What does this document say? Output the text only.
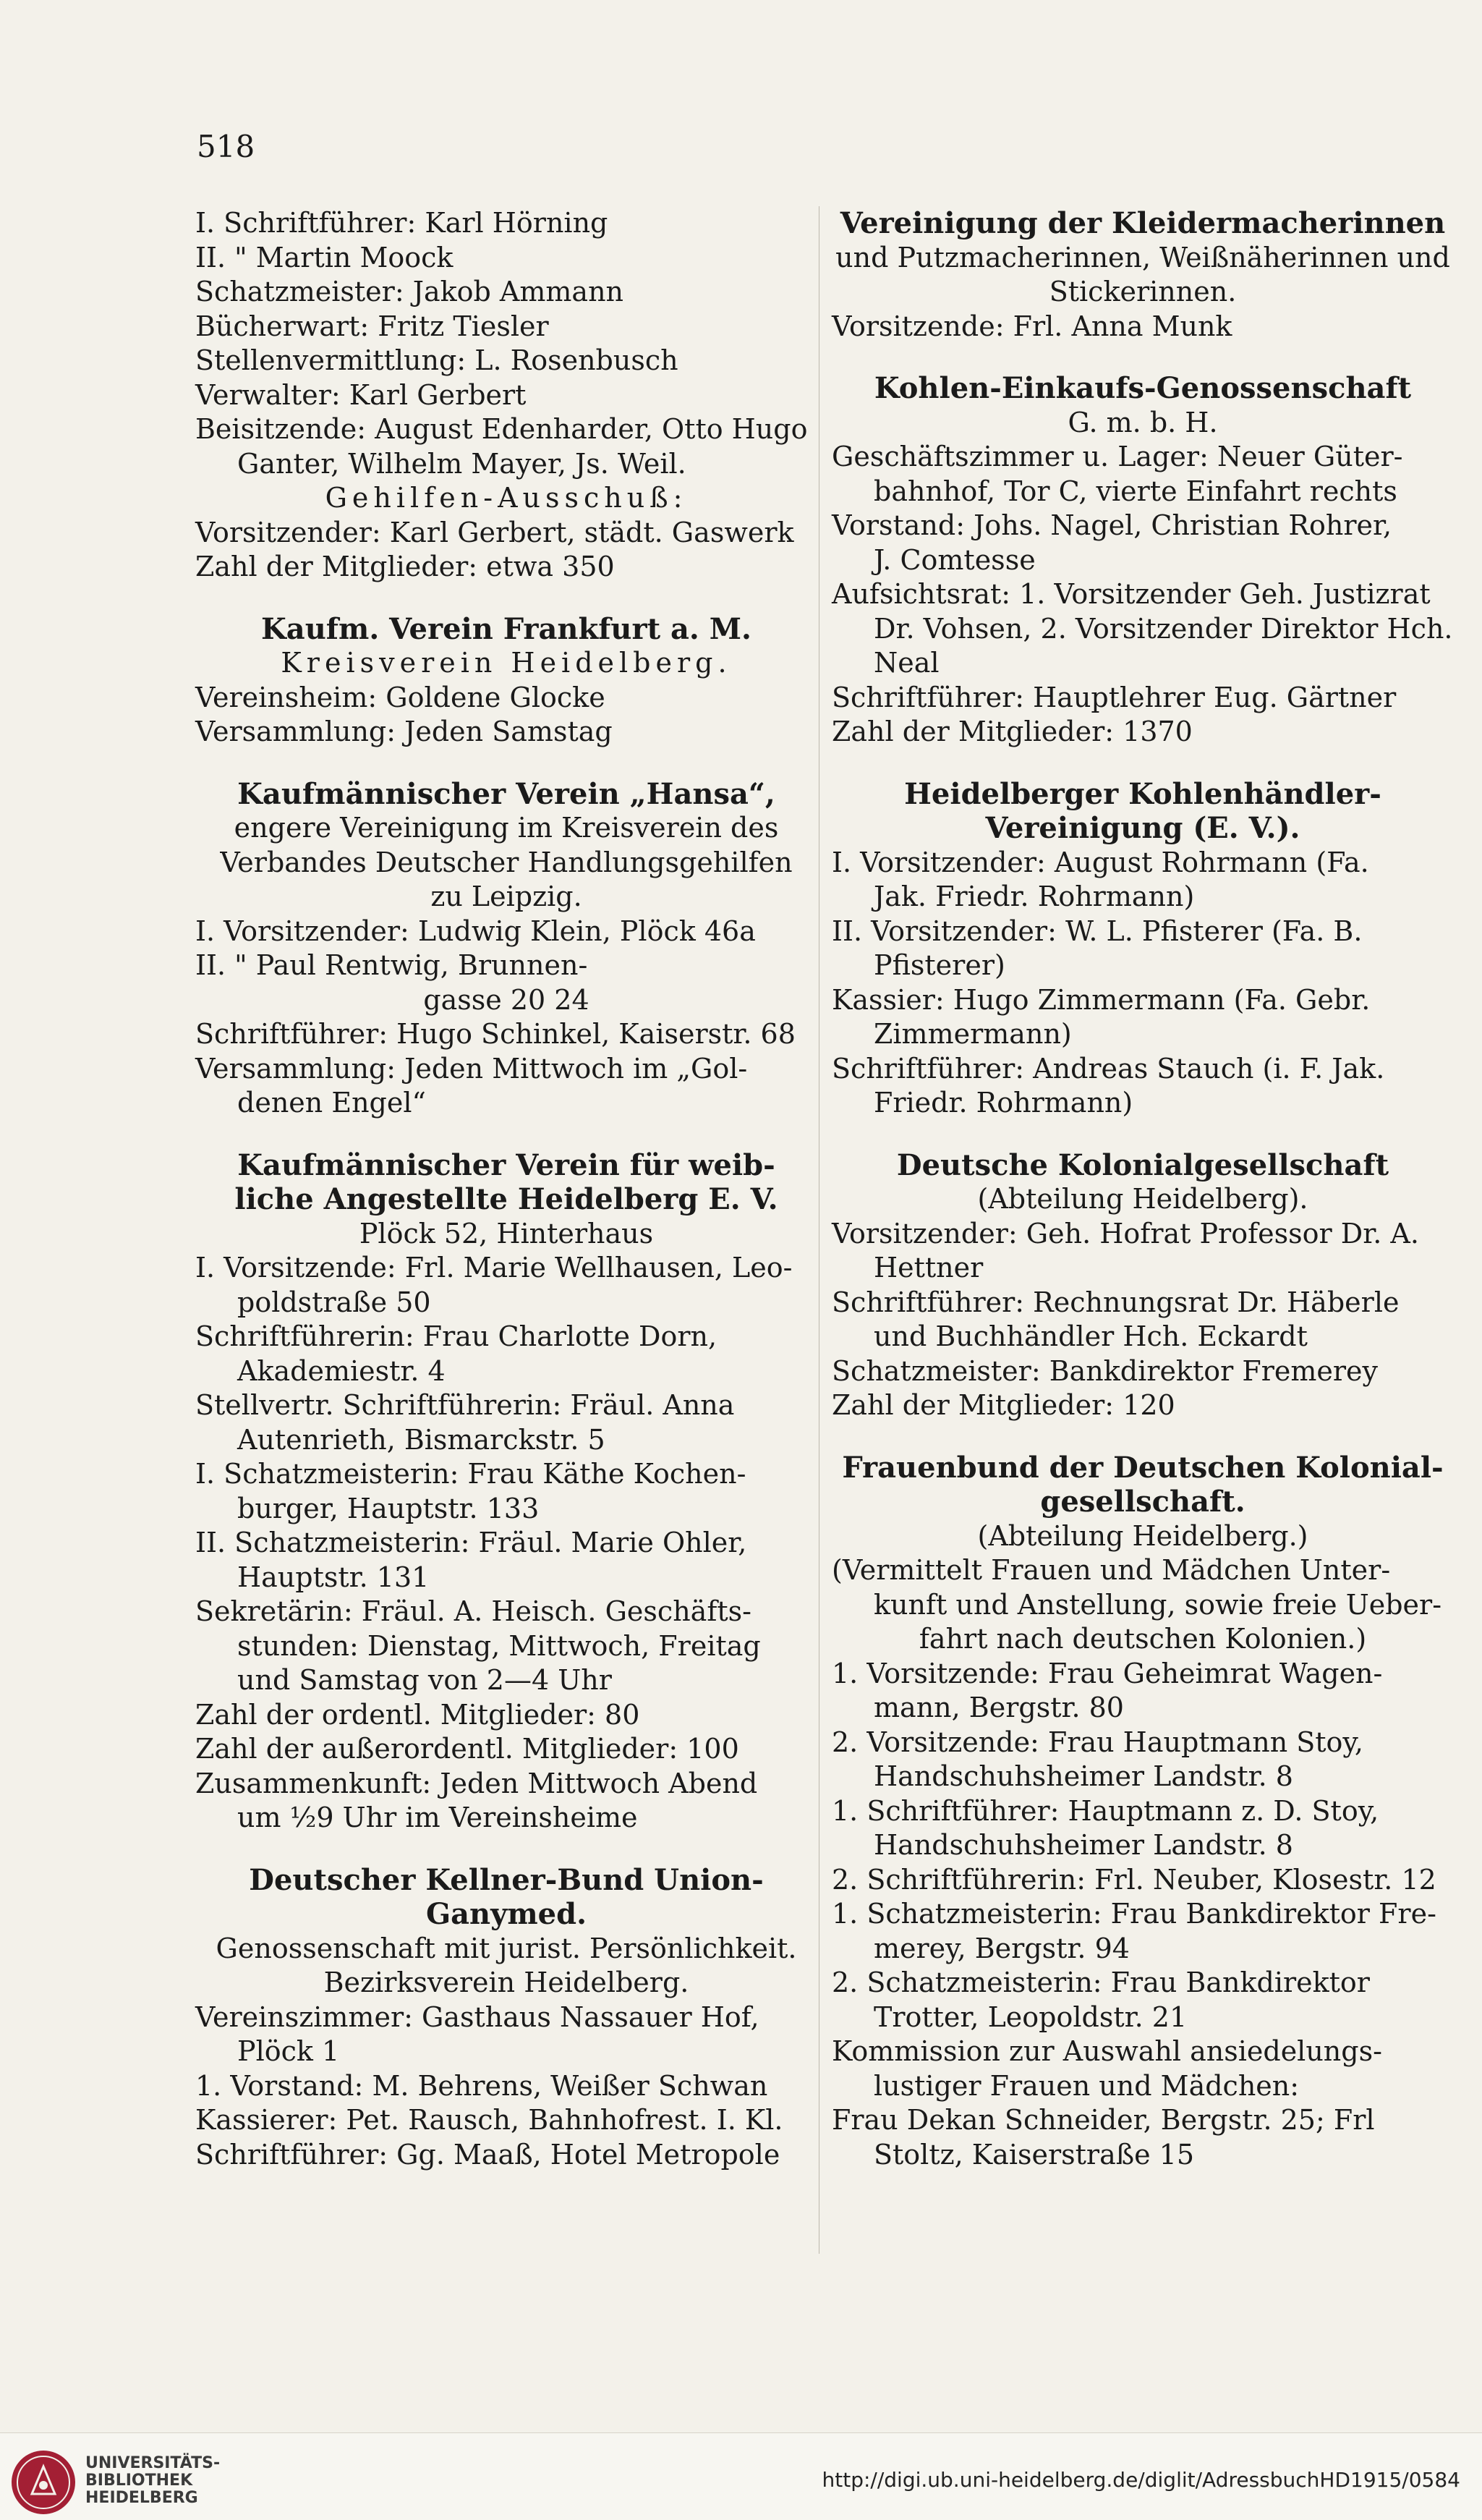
518
I. Schriftführer: Karl Hörning
II. " Martin Moock
Schatzmeister: Jakob Ammann
Bücherwart: Fritz Tiesler
Stellenvermittlung: L. Rosenbusch
Verwalter: Karl Gerbert
Beisitzende: August Edenharder, Otto Hugo
Ganter, Wilhelm Mayer, Js. Weil.
Gehilfen-Ausschuß:
Vorsitzender: Karl Gerbert, städt. Gaswerk
Zahl der Mitglieder: etwa 350
Kaufm. Verein Frankfurt a. M.
Kreisverein Heidelberg.
Vereinsheim: Goldene Glocke
Versammlung: Jeden Samstag
Kaufmännischer Verein „Hansa“,
engere Vereinigung im Kreisverein des
Verbandes Deutscher Handlungsgehilfen
zu Leipzig.
I. Vorsitzender: Ludwig Klein, Plöck 46a
II. " Paul Rentwig, Brunnen-
gasse 20 24
Schriftführer: Hugo Schinkel, Kaiserstr. 68
Versammlung: Jeden Mittwoch im „Gol-
denen Engel“
Kaufmännischer Verein für weib-
liche Angestellte Heidelberg E. V.
Plöck 52, Hinterhaus
I. Vorsitzende: Frl. Marie Wellhausen, Leo-
poldstraße 50
Schriftführerin: Frau Charlotte Dorn,
Akademiestr. 4
Stellvertr. Schriftführerin: Fräul. Anna
Autenrieth, Bismarckstr. 5
I. Schatzmeisterin: Frau Käthe Kochen-
burger, Hauptstr. 133
II. Schatzmeisterin: Fräul. Marie Ohler,
Hauptstr. 131
Sekretärin: Fräul. A. Heisch. Geschäfts-
stunden: Dienstag, Mittwoch, Freitag
und Samstag von 2—4 Uhr
Zahl der ordentl. Mitglieder: 80
Zahl der außerordentl. Mitglieder: 100
Zusammenkunft: Jeden Mittwoch Abend
um ½9 Uhr im Vereinsheime
Deutscher Kellner-Bund Union-
Ganymed.
Genossenschaft mit jurist. Persönlichkeit.
Bezirksverein Heidelberg.
Vereinszimmer: Gasthaus Nassauer Hof,
Plöck 1
1. Vorstand: M. Behrens, Weißer Schwan
Kassierer: Pet. Rausch, Bahnhofrest. I. Kl.
Schriftführer: Gg. Maaß, Hotel Metropole
Vereinigung der Kleidermacherinnen
und Putzmacherinnen, Weißnäherinnen und
Stickerinnen.
Vorsitzende: Frl. Anna Munk
Kohlen-Einkaufs-Genossenschaft
G. m. b. H.
Geschäftszimmer u. Lager: Neuer Güter-
bahnhof, Tor C, vierte Einfahrt rechts
Vorstand: Johs. Nagel, Christian Rohrer,
J. Comtesse
Aufsichtsrat: 1. Vorsitzender Geh. Justizrat
Dr. Vohsen, 2. Vorsitzender Direktor Hch.
Neal
Schriftführer: Hauptlehrer Eug. Gärtner
Zahl der Mitglieder: 1370
Heidelberger Kohlenhändler-
Vereinigung (E. V.).
I. Vorsitzender: August Rohrmann (Fa.
Jak. Friedr. Rohrmann)
II. Vorsitzender: W. L. Pfisterer (Fa. B.
Pfisterer)
Kassier: Hugo Zimmermann (Fa. Gebr.
Zimmermann)
Schriftführer: Andreas Stauch (i. F. Jak.
Friedr. Rohrmann)
Deutsche Kolonialgesellschaft
(Abteilung Heidelberg).
Vorsitzender: Geh. Hofrat Professor Dr. A.
Hettner
Schriftführer: Rechnungsrat Dr. Häberle
und Buchhändler Hch. Eckardt
Schatzmeister: Bankdirektor Fremerey
Zahl der Mitglieder: 120
Frauenbund der Deutschen Kolonial-
gesellschaft.
(Abteilung Heidelberg.)
(Vermittelt Frauen und Mädchen Unter-
kunft und Anstellung, sowie freie Ueber-
fahrt nach deutschen Kolonien.)
1. Vorsitzende: Frau Geheimrat Wagen-
mann, Bergstr. 80
2. Vorsitzende: Frau Hauptmann Stoy,
Handschuhsheimer Landstr. 8
1. Schriftführer: Hauptmann z. D. Stoy,
Handschuhsheimer Landstr. 8
2. Schriftführerin: Frl. Neuber, Klosestr. 12
1. Schatzmeisterin: Frau Bankdirektor Fre-
merey, Bergstr. 94
2. Schatzmeisterin: Frau Bankdirektor
Trotter, Leopoldstr. 21
Kommission zur Auswahl ansiedelungs-
lustiger Frauen und Mädchen:
Frau Dekan Schneider, Bergstr. 25; Frl
Stoltz, Kaiserstraße 15
UNIVERSITÄTS-
BIBLIOTHEK
HEIDELBERG
http://digi.ub.uni-heidelberg.de/diglit/AdressbuchHD1915/0584
